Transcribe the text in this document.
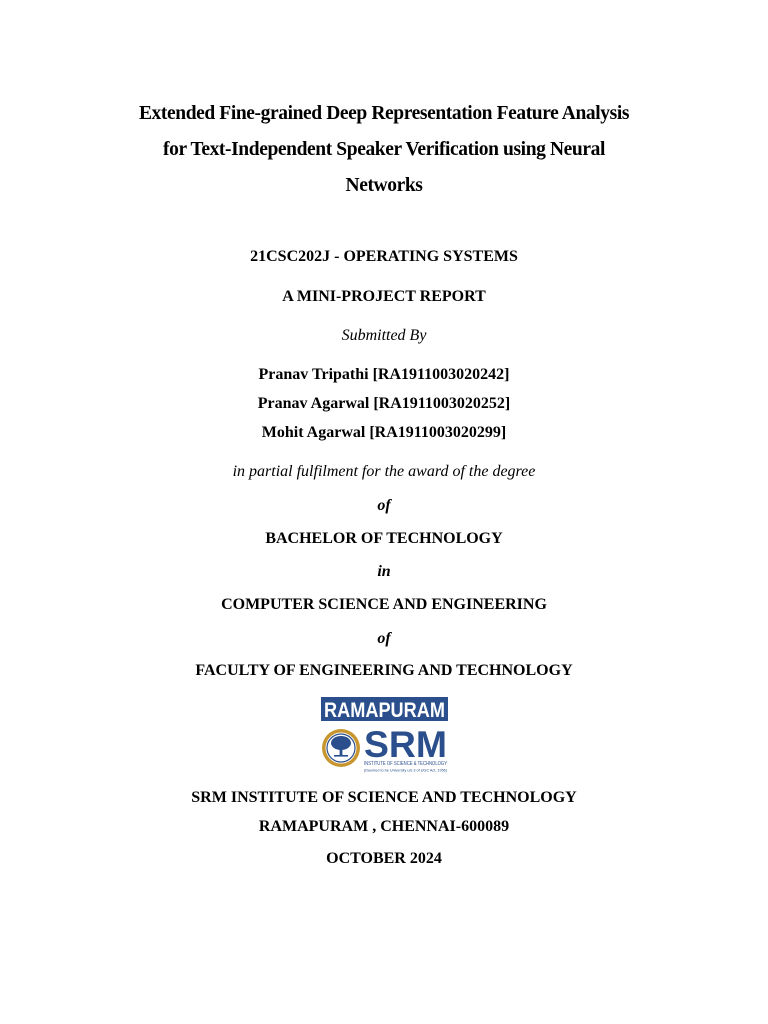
Extended Fine-grained Deep Representation Feature Analysis
for Text-Independent Speaker Verification using Neural
Networks
21CSC202J - OPERATING SYSTEMS
A MINI-PROJECT REPORT
Submitted By
Pranav Tripathi [RA1911003020242]
Pranav Agarwal [RA1911003020252]
Mohit Agarwal [RA1911003020299]
in partial fulfilment for the award of the degree
of
BACHELOR OF TECHNOLOGY
in
COMPUTER SCIENCE AND ENGINEERING
of
FACULTY OF ENGINEERING AND TECHNOLOGY
RAMAPURAM
SRM
INSTITUTE OF SCIENCE & TECHNOLOGY
(Deemed to be University u/s 3 of UGC Act, 1956)
SRM INSTITUTE OF SCIENCE AND TECHNOLOGY
RAMAPURAM , CHENNAI-600089
OCTOBER 2024
